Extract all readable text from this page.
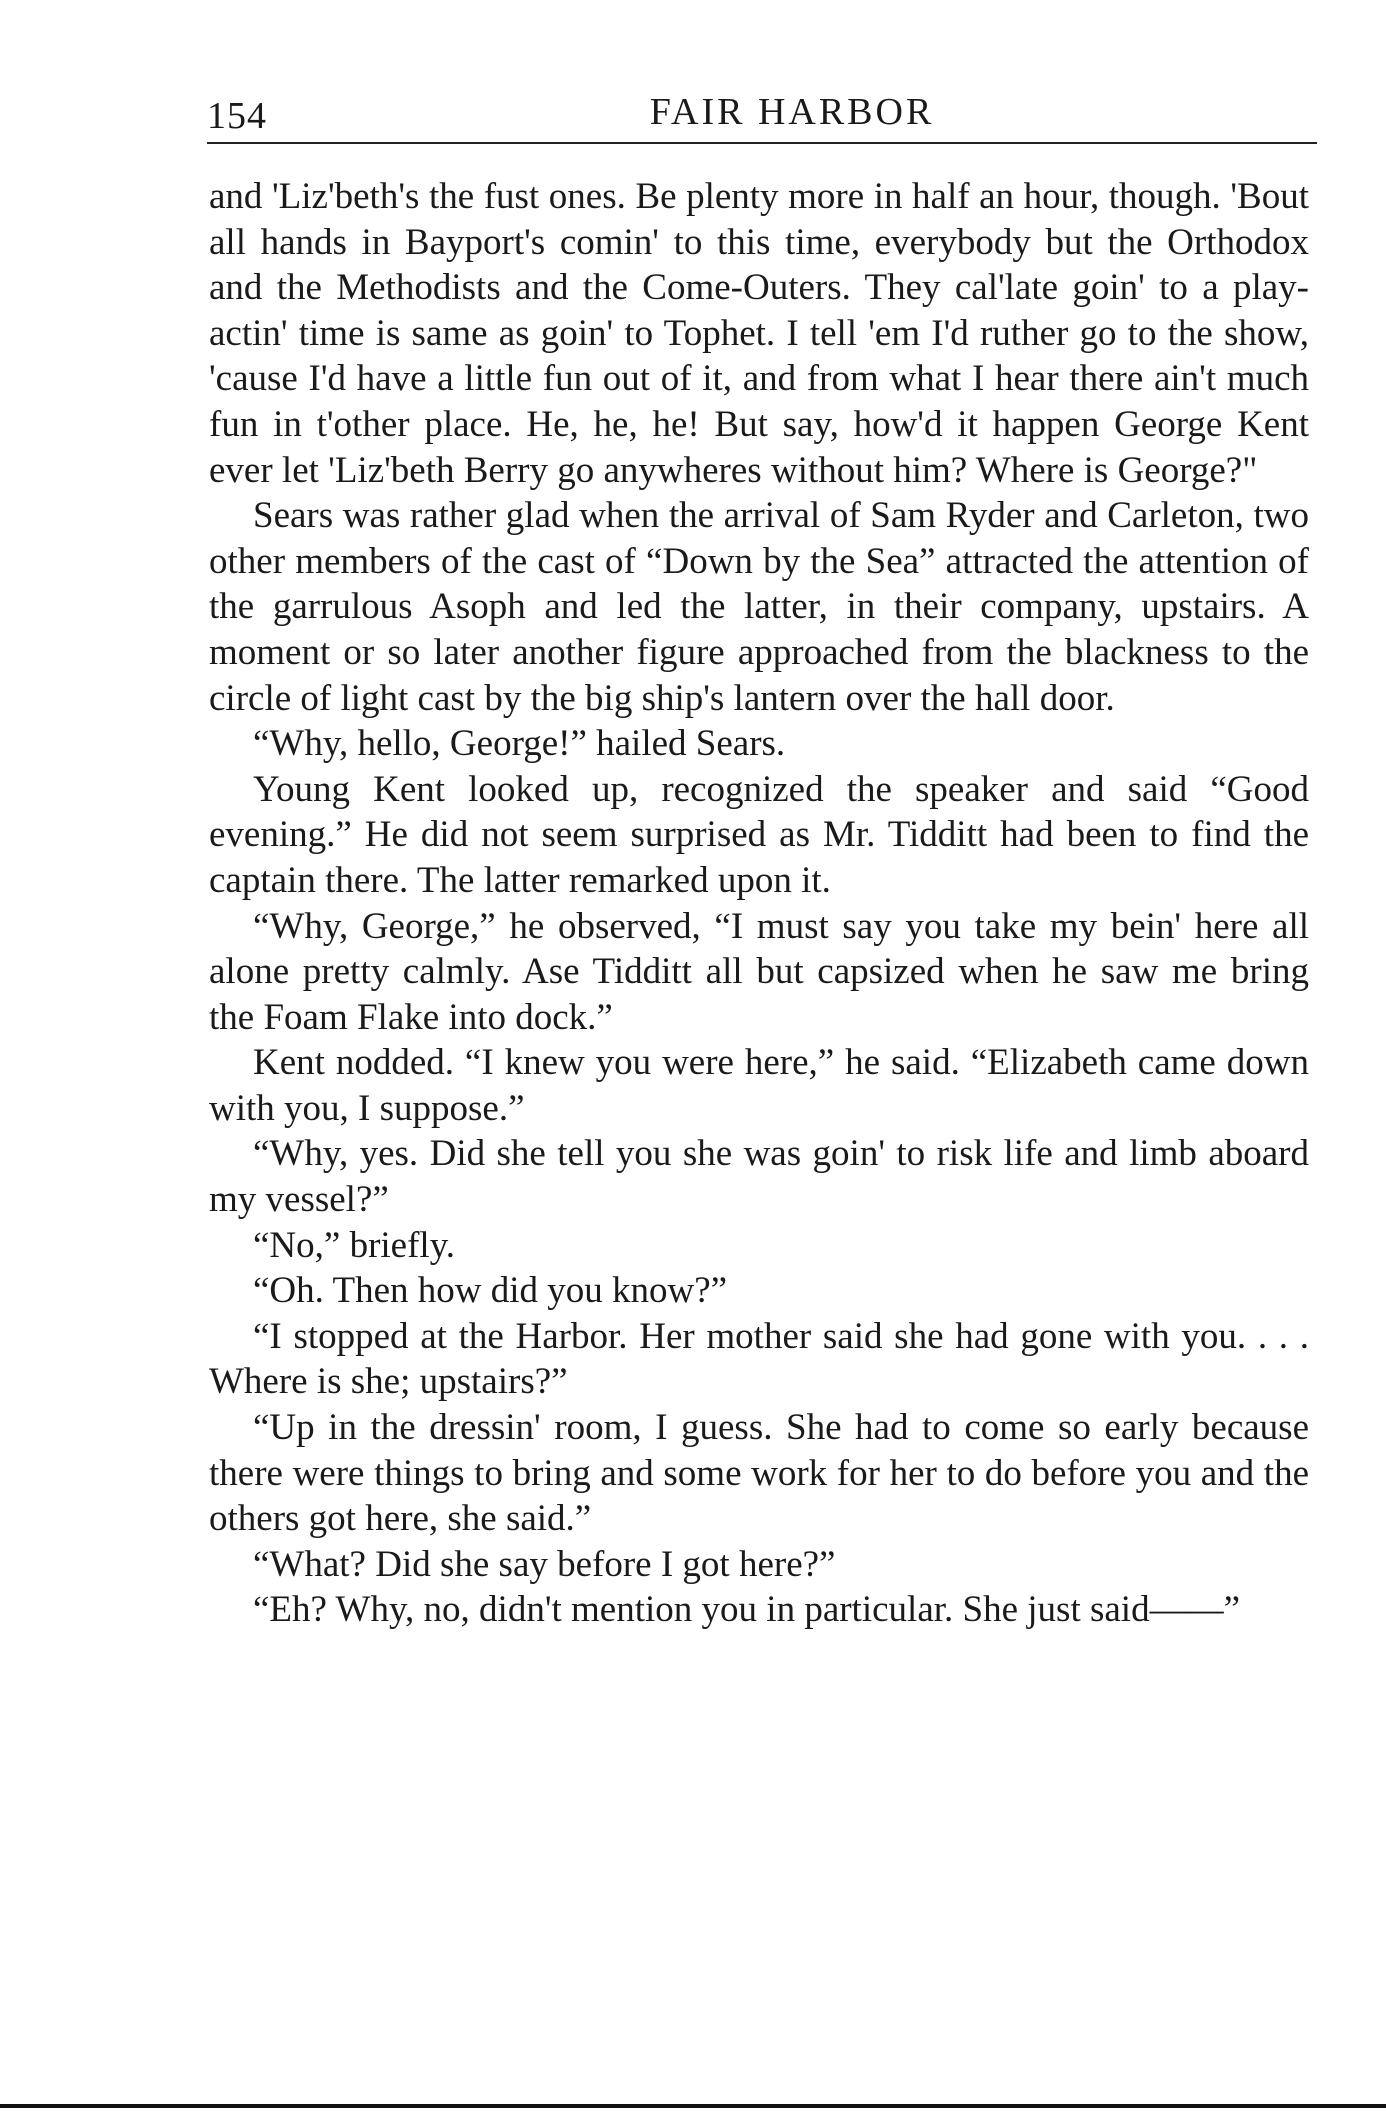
154	FAIR HARBOR

and 'Liz'beth's the fust ones. Be plenty more in half an hour, though. 'Bout all hands in Bayport's comin' to this time, everybody but the Orthodox and the Methodists and the Come-Outers. They cal'late goin' to a play-actin' time is same as goin' to Tophet. I tell 'em I'd ruther go to the show, 'cause I'd have a little fun out of it, and from what I hear there ain't much fun in t'other place. He, he, he! But say, how'd it happen George Kent ever let 'Liz'beth Berry go anywheres without him? Where is George?"

Sears was rather glad when the arrival of Sam Ryder and Carleton, two other members of the cast of “Down by the Sea” attracted the attention of the garrulous Asoph and led the latter, in their company, upstairs. A moment or so later another figure approached from the blackness to the circle of light cast by the big ship's lantern over the hall door.

“Why, hello, George!” hailed Sears.

Young Kent looked up, recognized the speaker and said “Good evening.” He did not seem surprised as Mr. Tidditt had been to find the captain there. The latter remarked upon it.

“Why, George,” he observed, “I must say you take my bein' here all alone pretty calmly. Ase Tidditt all but capsized when he saw me bring the Foam Flake into dock.”

Kent nodded. “I knew you were here,” he said. “Elizabeth came down with you, I suppose.”

“Why, yes. Did she tell you she was goin' to risk life and limb aboard my vessel?”

“No,” briefly.

“Oh. Then how did you know?”

“I stopped at the Harbor. Her mother said she had gone with you. . . . Where is she; upstairs?”

“Up in the dressin' room, I guess. She had to come so early because there were things to bring and some work for her to do before you and the others got here, she said.”

“What? Did she say before I got here?”

“Eh? Why, no, didn't mention you in particular. She just said——”
